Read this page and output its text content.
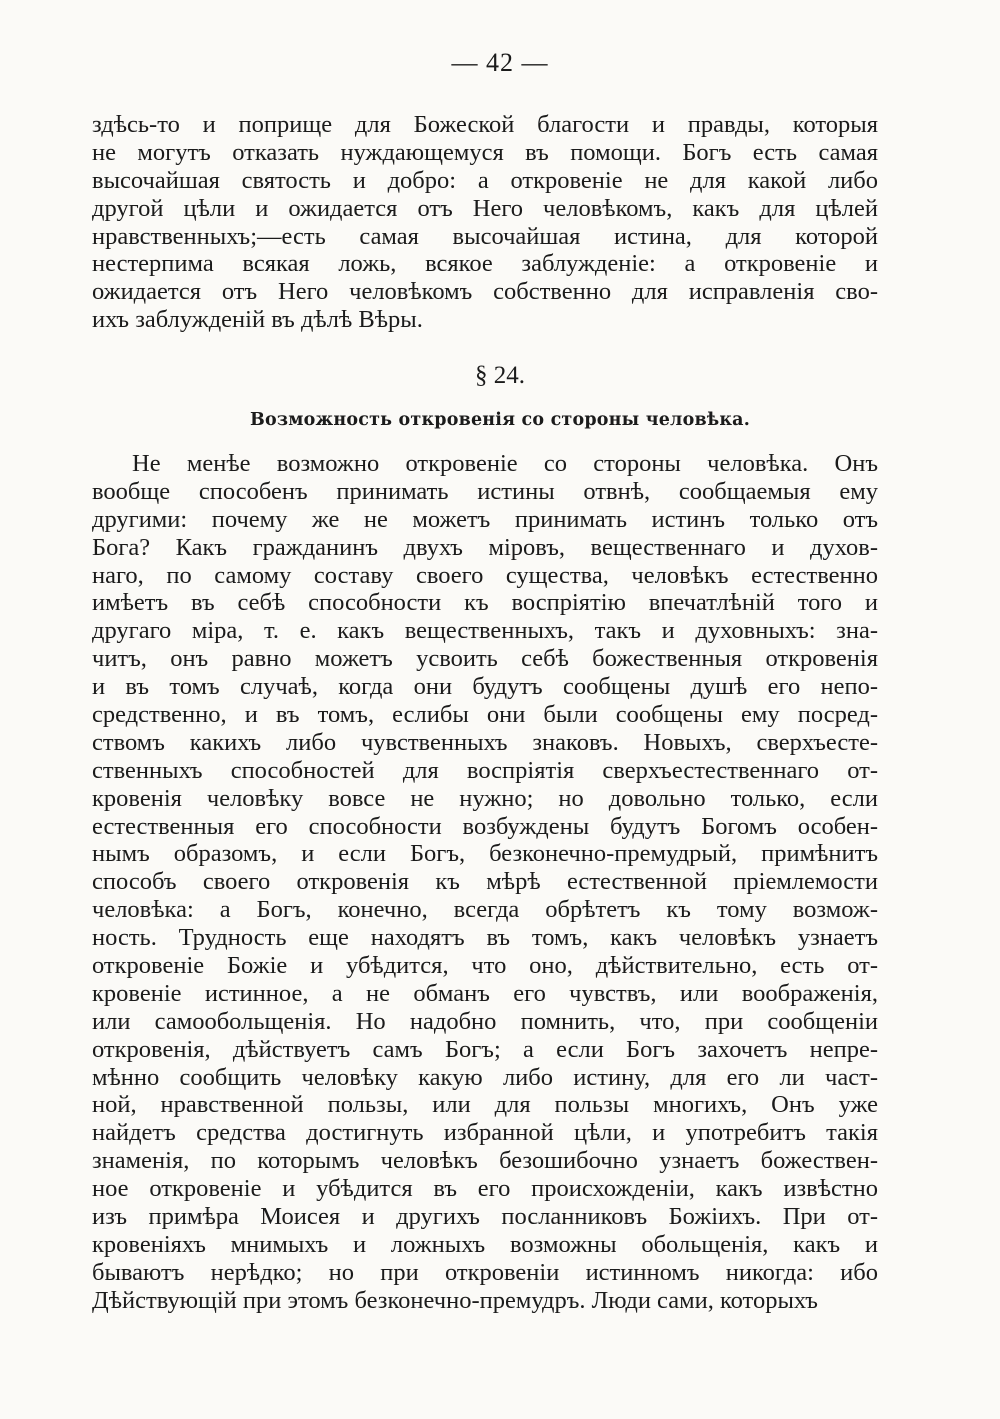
— 42 —
здѣсь-то и поприще для Божеской благости и правды, которыя
не могутъ отказать нуждающемуся въ помощи. Богъ есть самая
высочайшая святость и добро: а откровеніе не для какой либо
другой цѣли и ожидается отъ Него человѣкомъ, какъ для цѣлей
нравственныхъ;—есть самая высочайшая истина, для которой
нестерпима всякая ложь, всякое заблужденіе: а откровеніе и
ожидается отъ Него человѣкомъ собственно для исправленія сво-
ихъ заблужденій въ дѣлѣ Вѣры.
§ 24.
Возможность откровенія со стороны человѣка.
Не менѣе возможно откровеніе со стороны человѣка. Онъ
вообще способенъ принимать истины отвнѣ, сообщаемыя ему
другими: почему же не можетъ принимать истинъ только отъ
Бога? Какъ гражданинъ двухъ міровъ, вещественнаго и духов-
наго, по самому составу своего существа, человѣкъ естественно
имѣетъ въ себѣ способности къ воспріятію впечатлѣній того и
другаго міра, т. е. какъ вещественныхъ, такъ и духовныхъ: зна-
читъ, онъ равно можетъ усвоить себѣ божественныя откровенія
и въ томъ случаѣ, когда они будутъ сообщены душѣ его непо-
средственно, и въ томъ, еслибы они были сообщены ему посред-
ствомъ какихъ либо чувственныхъ знаковъ. Новыхъ, сверхъесте-
ственныхъ способностей для воспріятія сверхъестественнаго от-
кровенія человѣку вовсе не нужно; но довольно только, если
естественныя его способности возбуждены будутъ Богомъ особен-
нымъ образомъ, и если Богъ, безконечно-премудрый, примѣнитъ
способъ своего откровенія къ мѣрѣ естественной пріемлемости
человѣка: а Богъ, конечно, всегда обрѣтетъ къ тому возмож-
ность. Трудность еще находятъ въ томъ, какъ человѣкъ узнаетъ
откровеніе Божіе и убѣдится, что оно, дѣйствительно, есть от-
кровеніе истинное, а не обманъ его чувствъ, или воображенія,
или самообольщенія. Но надобно помнить, что, при сообщеніи
откровенія, дѣйствуетъ самъ Богъ; а если Богъ захочетъ непре-
мѣнно сообщить человѣку какую либо истину, для его ли част-
ной, нравственной пользы, или для пользы многихъ, Онъ уже
найдетъ средства достигнуть избранной цѣли, и употребитъ такія
знаменія, по которымъ человѣкъ безошибочно узнаетъ божествен-
ное откровеніе и убѣдится въ его происхожденіи, какъ извѣстно
изъ примѣра Моисея и другихъ посланниковъ Божіихъ. При от-
кровеніяхъ мнимыхъ и ложныхъ возможны обольщенія, какъ и
бываютъ нерѣдко; но при откровеніи истинномъ никогда: ибо
Дѣйствующій при этомъ безконечно-премудръ. Люди сами, которыхъ
